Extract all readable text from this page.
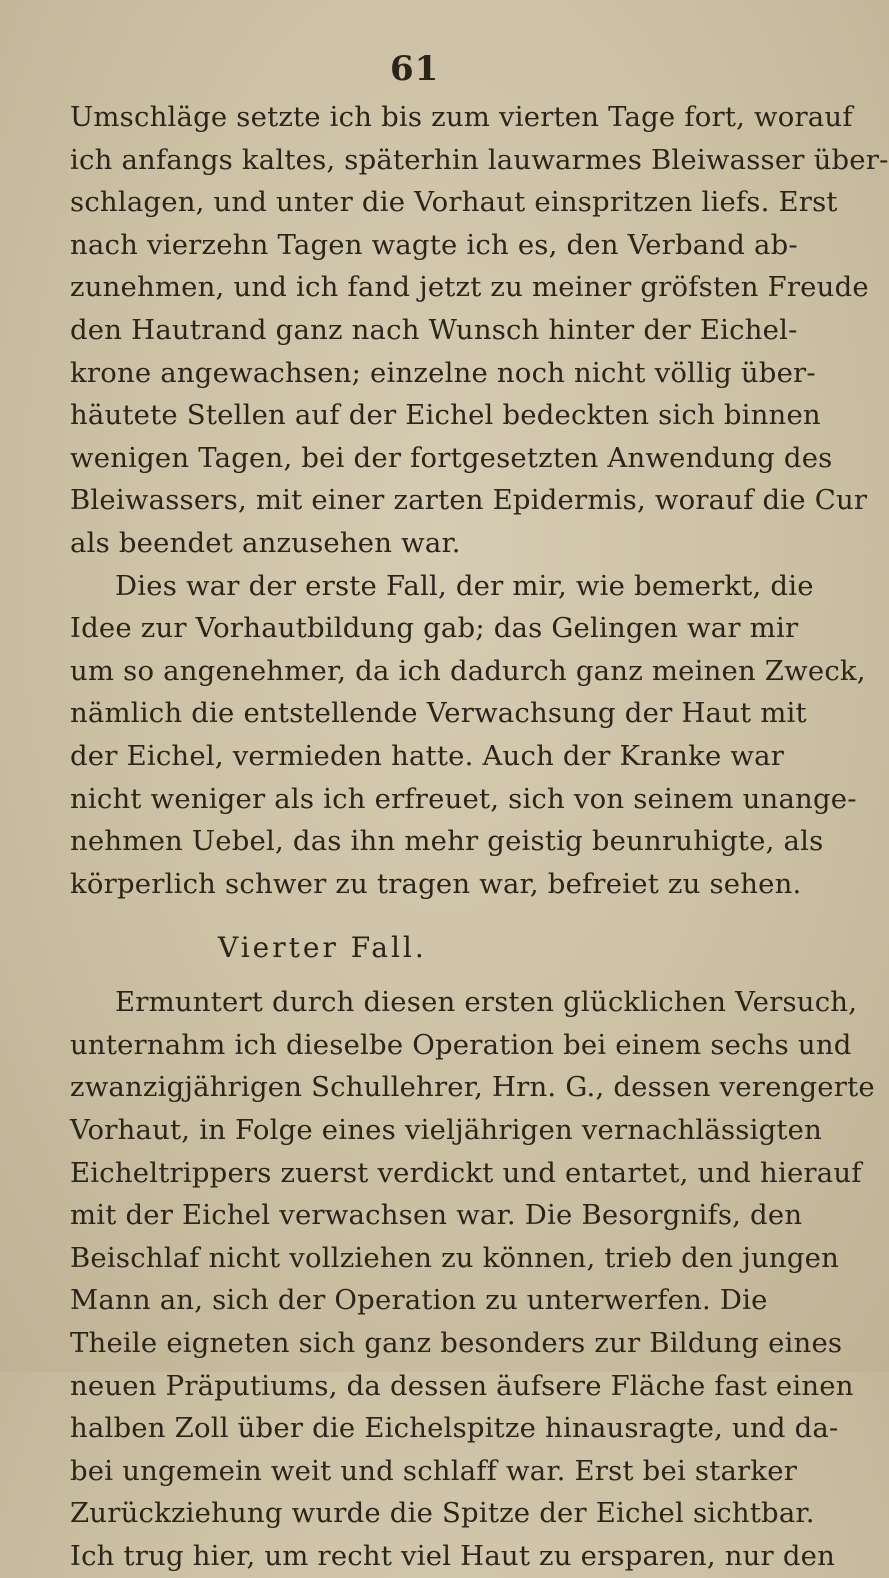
61
Umschläge setzte ich bis zum vierten Tage fort, worauf
ich anfangs kaltes, späterhin lauwarmes Bleiwasser über-
schlagen, und unter die Vorhaut einspritzen liefs. Erst
nach vierzehn Tagen wagte ich es, den Verband ab-
zunehmen, und ich fand jetzt zu meiner gröfsten Freude
den Hautrand ganz nach Wunsch hinter der Eichel-
krone angewachsen; einzelne noch nicht völlig über-
häutete Stellen auf der Eichel bedeckten sich binnen
wenigen Tagen, bei der fortgesetzten Anwendung des
Bleiwassers, mit einer zarten Epidermis, worauf die Cur
als beendet anzusehen war.
Dies war der erste Fall, der mir, wie bemerkt, die
Idee zur Vorhautbildung gab; das Gelingen war mir
um so angenehmer, da ich dadurch ganz meinen Zweck,
nämlich die entstellende Verwachsung der Haut mit
der Eichel, vermieden hatte. Auch der Kranke war
nicht weniger als ich erfreuet, sich von seinem unange-
nehmen Uebel, das ihn mehr geistig beunruhigte, als
körperlich schwer zu tragen war, befreiet zu sehen.
Vierter Fall.
Ermuntert durch diesen ersten glücklichen Versuch,
unternahm ich dieselbe Operation bei einem sechs und
zwanzigjährigen Schullehrer, Hrn. G., dessen verengerte
Vorhaut, in Folge eines vieljährigen vernachlässigten
Eicheltrippers zuerst verdickt und entartet, und hierauf
mit der Eichel verwachsen war. Die Besorgnifs, den
Beischlaf nicht vollziehen zu können, trieb den jungen
Mann an, sich der Operation zu unterwerfen. Die
Theile eigneten sich ganz besonders zur Bildung eines
neuen Präputiums, da dessen äufsere Fläche fast einen
halben Zoll über die Eichelspitze hinausragte, und da-
bei ungemein weit und schlaff war. Erst bei starker
Zurückziehung wurde die Spitze der Eichel sichtbar.
Ich trug hier, um recht viel Haut zu ersparen, nur den
